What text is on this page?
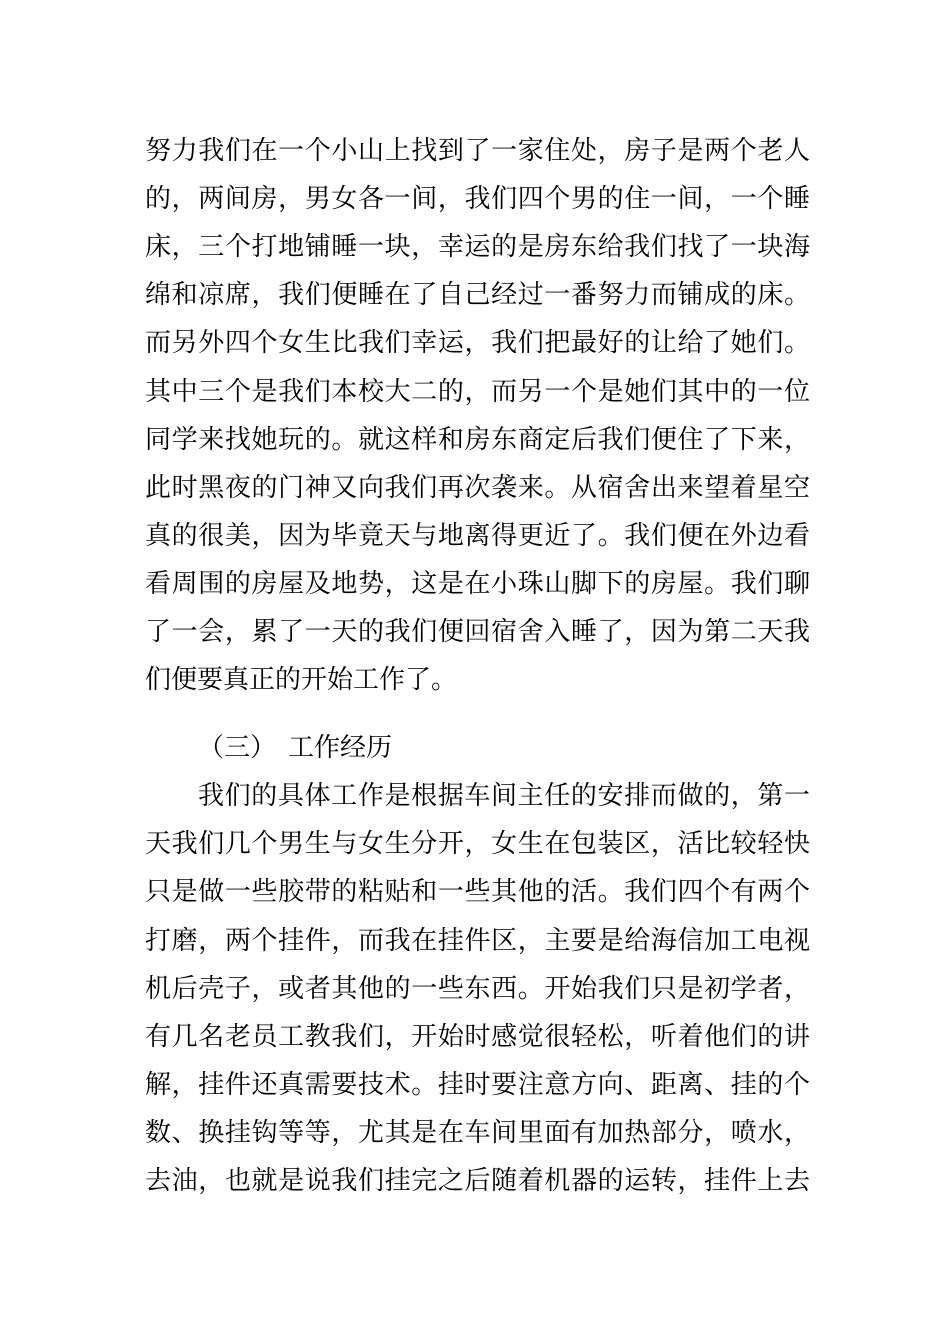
努力我们在一个小山上找到了一家住处，房子是两个老人
的，两间房，男女各一间，我们四个男的住一间，一个睡
床，三个打地铺睡一块，幸运的是房东给我们找了一块海
绵和凉席，我们便睡在了自己经过一番努力而铺成的床。
而另外四个女生比我们幸运，我们把最好的让给了她们。
其中三个是我们本校大二的，而另一个是她们其中的一位
同学来找她玩的。就这样和房东商定后我们便住了下来，
此时黑夜的门神又向我们再次袭来。从宿舍出来望着星空
真的很美，因为毕竟天与地离得更近了。我们便在外边看
看周围的房屋及地势，这是在小珠山脚下的房屋。我们聊
了一会，累了一天的我们便回宿舍入睡了，因为第二天我
们便要真正的开始工作了。
（三） 工作经历
我们的具体工作是根据车间主任的安排而做的，第一
天我们几个男生与女生分开，女生在包装区，活比较轻快
只是做一些胶带的粘贴和一些其他的活。我们四个有两个
打磨，两个挂件，而我在挂件区，主要是给海信加工电视
机后壳子，或者其他的一些东西。开始我们只是初学者，
有几名老员工教我们，开始时感觉很轻松，听着他们的讲
解，挂件还真需要技术。挂时要注意方向、距离、挂的个
数、换挂钩等等，尤其是在车间里面有加热部分，喷水，
去油，也就是说我们挂完之后随着机器的运转，挂件上去
